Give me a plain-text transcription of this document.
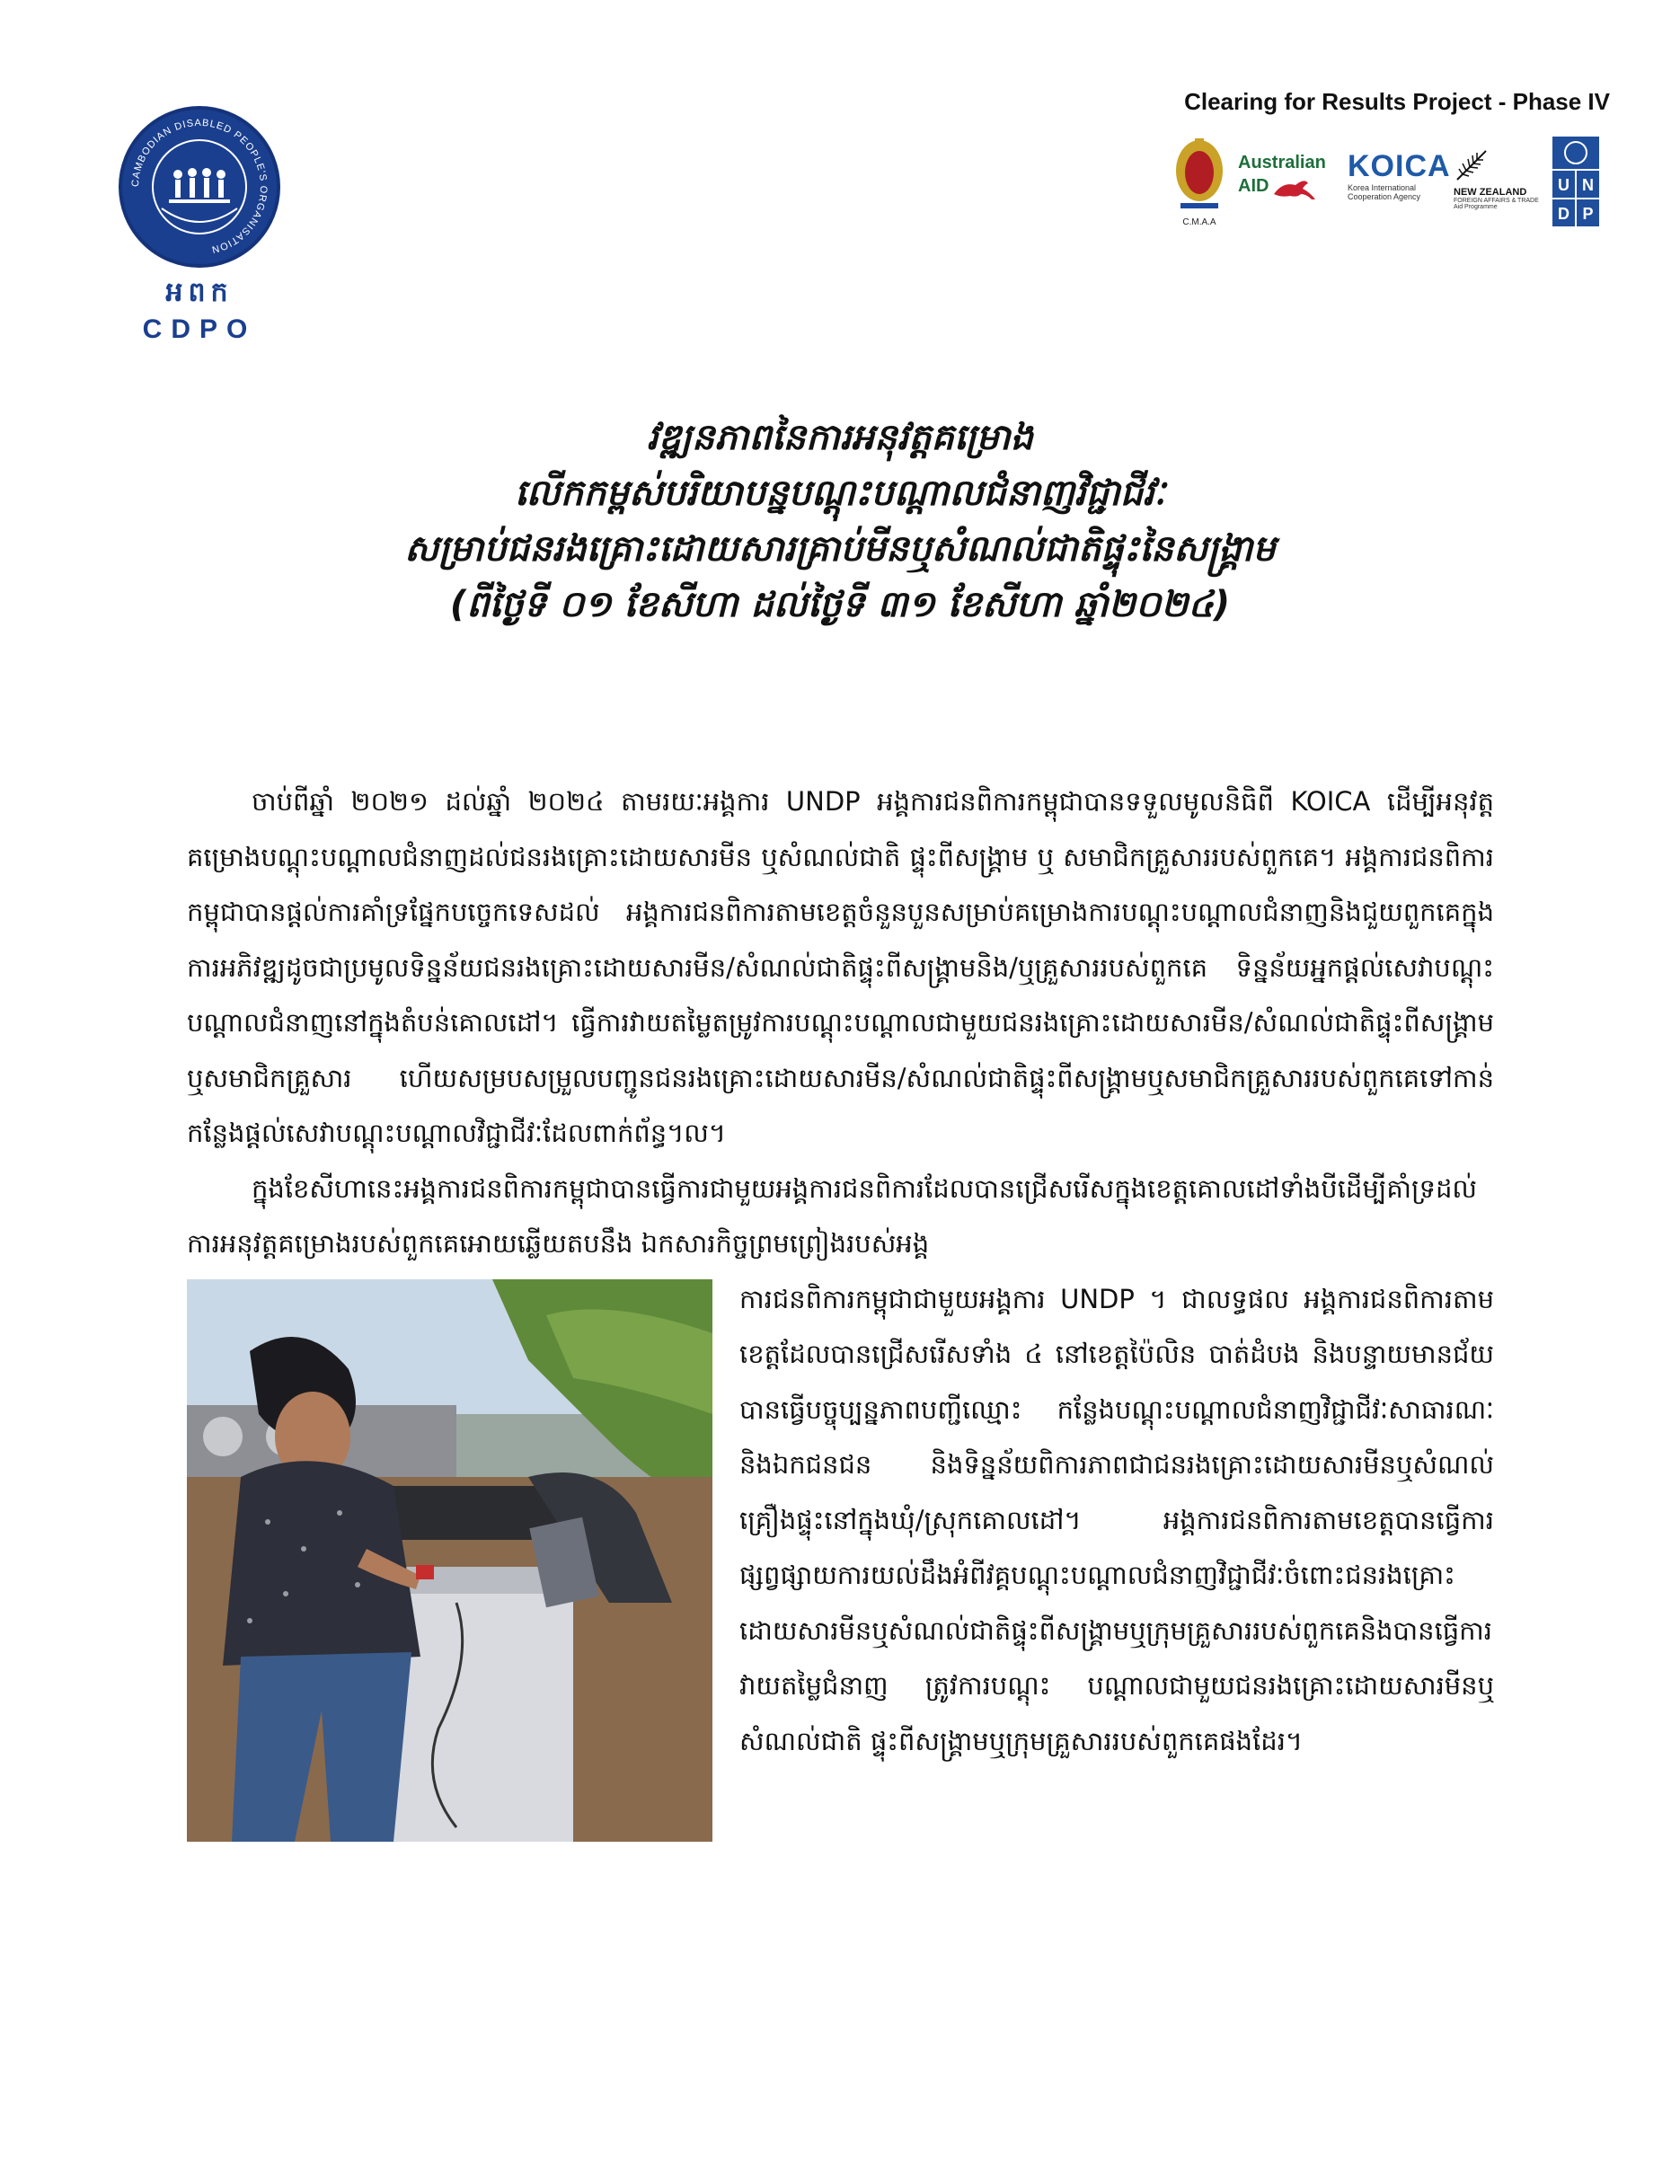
CAMBODIAN DISABLED PEOPLE'S ORGANISATION
អពក
CDPO
Clearing for Results Project - Phase IV
C.M.A.A
Australian
AID
KOICA
Korea International Cooperation Agency	NEW ZEALAND
FOREIGN AFFAIRS & TRADE Aid Programme
U N
D P
វឌ្ឍនភាពនៃការអនុវត្តគម្រោង
លើកកម្ពស់បរិយាបន្នបណ្តុះបណ្តាលជំនាញវិជ្ជាជីវៈ
សម្រាប់ជនរងគ្រោះដោយសារគ្រាប់មីនឬសំណល់ជាតិផ្ទុះនៃសង្គ្រាម
(ពីថ្ងៃទី ០១ ខែសីហា ដល់ថ្ងៃទី ៣១ ខែសីហា ឆ្នាំ២០២៤)

ចាប់ពីឆ្នាំ ២០២១ ដល់ឆ្នាំ ២០២៤ តាមរយៈអង្គការ UNDP អង្គការជនពិការកម្ពុជាបានទទួលមូលនិធិពី KOICA ដើម្បីអនុវត្តគម្រោងបណ្តុះបណ្តាលជំនាញដល់ជនរងគ្រោះដោយសារមីន ឬសំណល់ជាតិ ផ្ទុះពីសង្គ្រាម ឬ សមាជិកគ្រួសាររបស់ពួកគេ។ អង្គការជនពិការកម្ពុជាបានផ្តល់ការគាំទ្រផ្នែកបច្ចេកទេសដល់ អង្គការជនពិការតាមខេត្តចំនួនបួនសម្រាប់គម្រោងការបណ្តុះបណ្តាលជំនាញនិងជួយពួកគេក្នុងការអភិវឌ្ឍដូចជាប្រមូលទិន្នន័យជនរងគ្រោះដោយសារមីន/សំណល់ជាតិផ្ទុះពីសង្គ្រាមនិង/ឬគ្រួសាររបស់ពួកគេ ទិន្នន័យអ្នកផ្តល់សេវាបណ្តុះបណ្តាលជំនាញនៅក្នុងតំបន់គោលដៅ។ ធ្វើការវាយតម្លៃតម្រូវការបណ្តុះបណ្តាលជាមួយជនរងគ្រោះដោយសារមីន/សំណល់ជាតិផ្ទុះពីសង្គ្រាម ឬសមាជិកគ្រួសារ ហើយសម្របសម្រួលបញ្ជូនជនរងគ្រោះដោយសារមីន/សំណល់ជាតិផ្ទុះពីសង្គ្រាមឬសមាជិកគ្រួសាររបស់ពួកគេទៅកាន់កន្លែងផ្តល់សេវាបណ្តុះបណ្តាលវិជ្ជាជីវៈដែលពាក់ព័ន្ធ។ល។

ក្នុងខែសីហានេះអង្គការជនពិការកម្ពុជាបានធ្វើការជាមួយអង្គការជនពិការដែលបានជ្រើសរើសក្នុងខេត្តគោលដៅទាំងបីដើម្បីគាំទ្រដល់ការអនុវត្តគម្រោងរបស់ពួកគេអោយឆ្លើយតបនឹង ឯកសារកិច្ចព្រមព្រៀងរបស់អង្គ

ការជនពិការកម្ពុជាជាមួយអង្គការ UNDP ។ ជាលទ្ធផល អង្គការជនពិការតាមខេត្តដែលបានជ្រើសរើសទាំង ៤ នៅខេត្តប៉ៃលិន បាត់ដំបង និងបន្ទាយមានជ័យ បានធ្វើបច្ចុប្បន្នភាពបញ្ជីឈ្មោះ កន្លែងបណ្តុះបណ្តាលជំនាញវិជ្ជាជីវៈសាធារណៈនិងឯកជនជន និងទិន្នន័យពិការភាពជាជនរងគ្រោះដោយសារមីនឬសំណល់ គ្រឿងផ្ទុះនៅក្នុងឃុំ/ស្រុកគោលដៅ។ អង្គការជនពិការតាមខេត្តបានធ្វើការផ្សព្វផ្សាយការយល់ដឹងអំពីវគ្គបណ្តុះបណ្តាលជំនាញវិជ្ជាជីវៈចំពោះជនរងគ្រោះដោយសារមីនឬសំណល់ជាតិផ្ទុះពីសង្គ្រាមឬក្រុមគ្រួសាររបស់ពួកគេនិងបានធ្វើការវាយតម្លៃជំនាញ ត្រូវការបណ្តុះ បណ្តាលជាមួយជនរងគ្រោះដោយសារមីនឬ សំណល់ជាតិ ផ្ទុះពីសង្គ្រាមឬក្រុមគ្រួសាររបស់ពួកគេផងដែរ។
